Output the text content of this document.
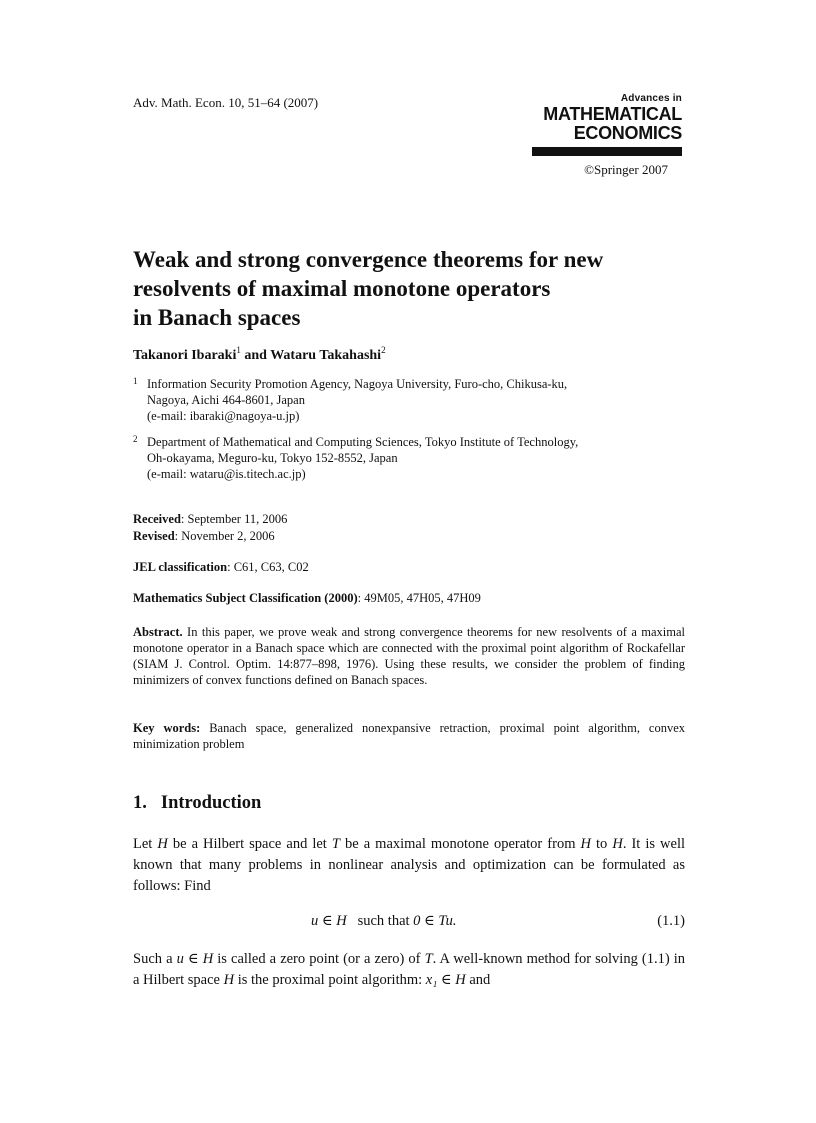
Adv. Math. Econ. 10, 51–64 (2007)	Advances in
MATHEMATICAL
ECONOMICS
©Springer 2007
Weak and strong convergence theorems for new
resolvents of maximal monotone operators
in Banach spaces
Takanori Ibaraki$^1$ and Wataru Takahashi$^2$
1 Information Security Promotion Agency, Nagoya University, Furo-cho, Chikusa-ku,
Nagoya, Aichi 464-8601, Japan
(e-mail: ibaraki@nagoya-u.jp)
2 Department of Mathematical and Computing Sciences, Tokyo Institute of Technology,
Oh-okayama, Meguro-ku, Tokyo 152-8552, Japan
(e-mail: wataru@is.titech.ac.jp)
Received: September 11, 2006
Revised: November 2, 2006
JEL classification: C61, C63, C02
Mathematics Subject Classification (2000): 49M05, 47H05, 47H09
Abstract. In this paper, we prove weak and strong convergence theorems for new resolvents of a maximal monotone operator in a Banach space which are connected with the proximal point algorithm of Rockafellar (SIAM J. Control. Optim. 14:877–898, 1976). Using these results, we consider the problem of finding minimizers of convex functions defined on Banach spaces.
Key words: Banach space, generalized nonexpansive retraction, proximal point algorithm, convex minimization problem
1. Introduction
Let H be a Hilbert space and let T be a maximal monotone operator from H to H. It is well known that many problems in nonlinear analysis and optimization can be formulated as follows: Find
u ∈ H such that 0 ∈ Tu.	(1.1)
Such a u ∈ H is called a zero point (or a zero) of T. A well-known method for solving (1.1) in a Hilbert space H is the proximal point algorithm: x₁ ∈ H and
